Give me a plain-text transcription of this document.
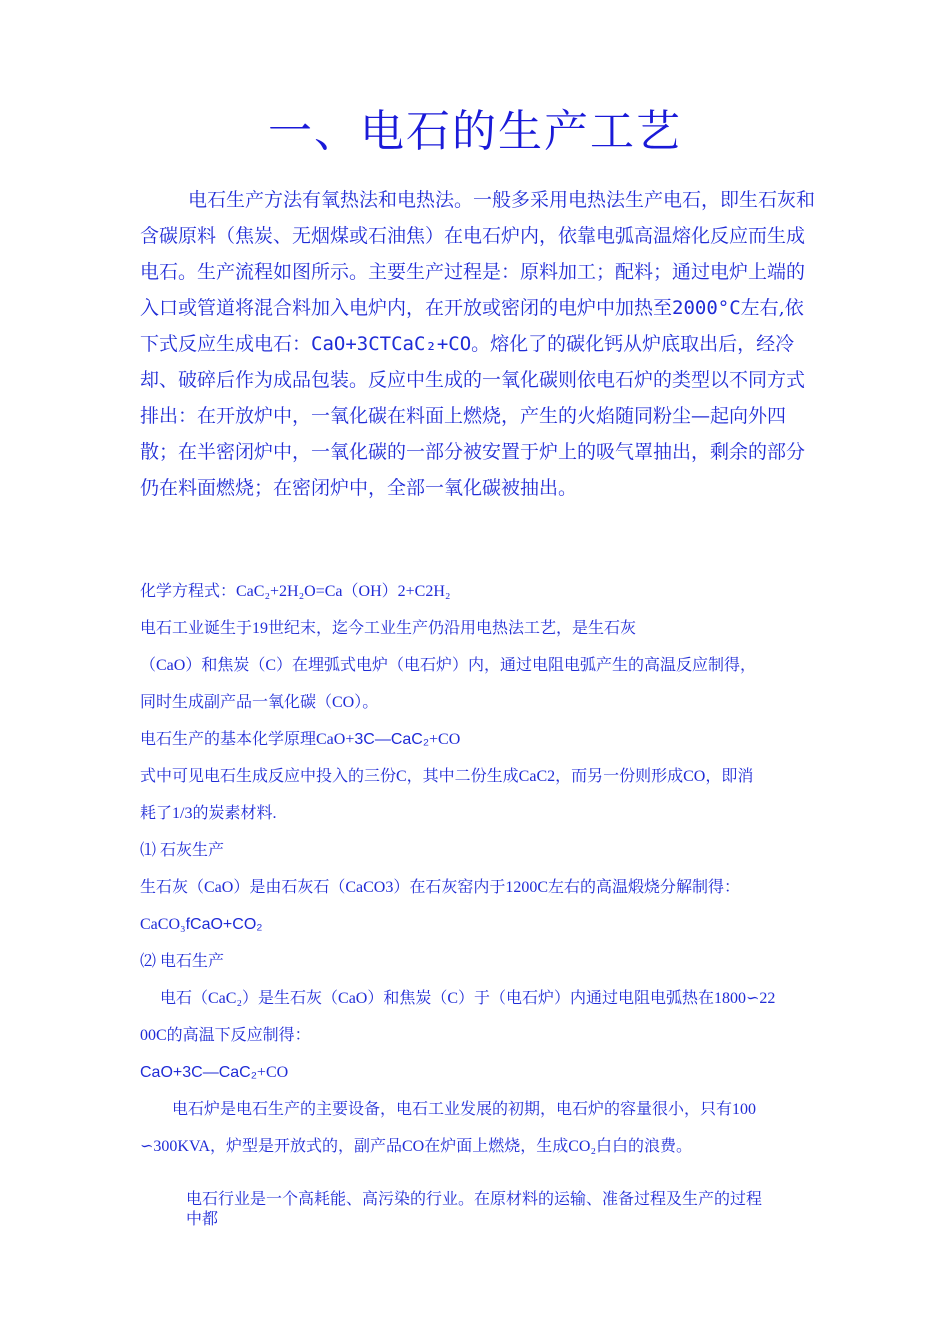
一、电石的生产工艺

电石生产方法有氧热法和电热法。一般多采用电热法生产电石，即生石灰和含碳原料（焦炭、无烟煤或石油焦）在电石炉内，依靠电弧高温熔化反应而生成电石。生产流程如图所示。主要生产过程是：原料加工；配料；通过电炉上端的入口或管道将混合料加入电炉内，在开放或密闭的电炉中加热至2000°C左右,依下式反应生成电石：CaO+3CTCaC₂+CO。熔化了的碳化钙从炉底取出后，经冷却、破碎后作为成品包装。反应中生成的一氧化碳则依电石炉的类型以不同方式排出：在开放炉中，一氧化碳在料面上燃烧，产生的火焰随同粉尘—起向外四散；在半密闭炉中，一氧化碳的一部分被安置于炉上的吸气罩抽出，剩余的部分仍在料面燃烧；在密闭炉中，全部一氧化碳被抽出。

化学方程式：CaC₂+2H₂O=Ca（OH）2+C2H₂

电石工业诞生于19世纪末，迄今工业生产仍沿用电热法工艺，是生石灰

（CaO）和焦炭（C）在埋弧式电炉（电石炉）内，通过电阻电弧产生的高温反应制得，

同时生成副产品一氧化碳（CO）。

电石生产的基本化学原理CaO+3C—CaC₂+CO

式中可见电石生成反应中投入的三份C，其中二份生成CaC2，而另一份则形成CO，即消

耗了1/3的炭素材料.

⑴ 石灰生产

生石灰（CaO）是由石灰石（CaCO3）在石灰窑内于1200C左右的高温煅烧分解制得：

CaCO₃fCaO+CO₂

⑵ 电石生产

电石（CaC₂）是生石灰（CaO）和焦炭（C）于（电石炉）内通过电阻电弧热在1800∽22

00C的高温下反应制得：

CaO+3C—CaC₂+CO

电石炉是电石生产的主要设备，电石工业发展的初期，电石炉的容量很小，只有100

∽300KVA，炉型是开放式的，副产品CO在炉面上燃烧，生成CO₂白白的浪费。

电石行业是一个高耗能、高污染的行业。在原材料的运输、准备过程及生产的过程

中都
